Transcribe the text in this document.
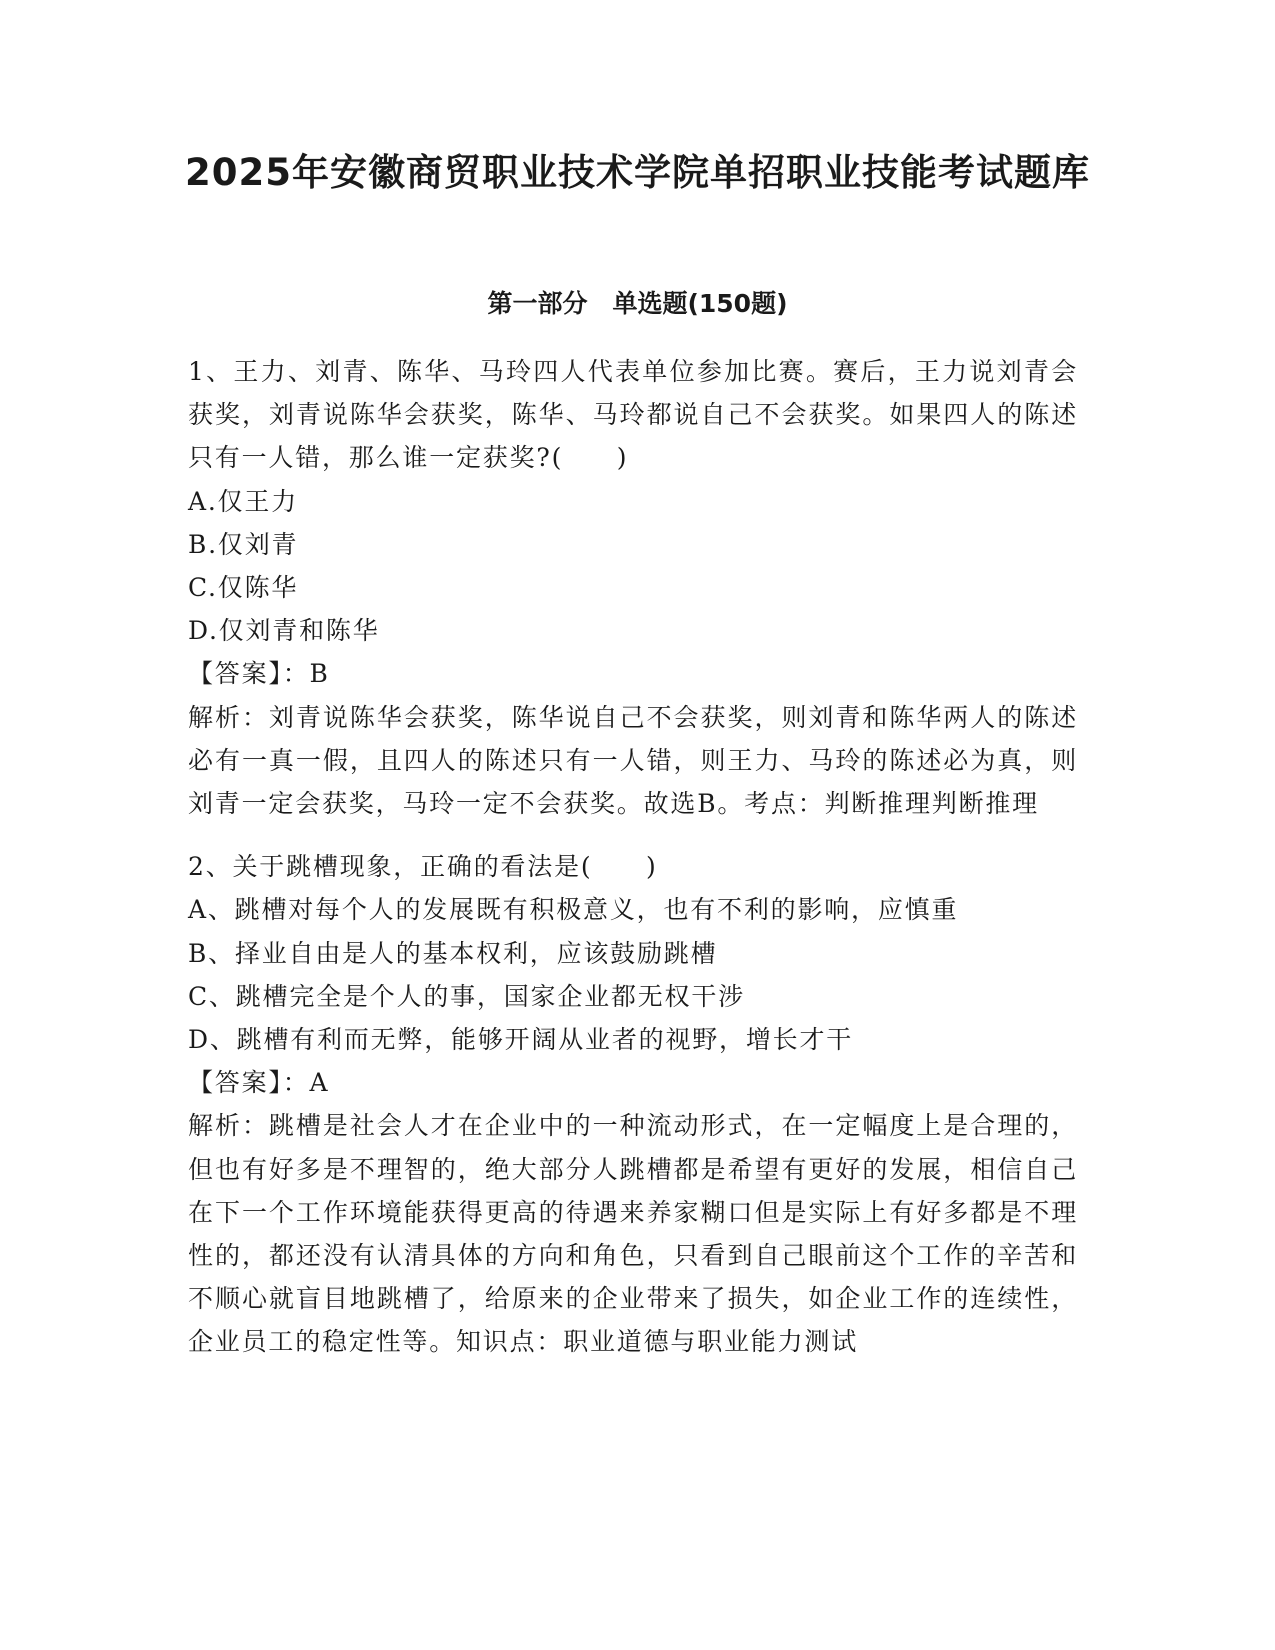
2025年安徽商贸职业技术学院单招职业技能考试题库
第一部分　单选题(150题)

1、王力、刘青、陈华、马玲四人代表单位参加比赛。赛后，王力说刘青会获奖，刘青说陈华会获奖，陈华、马玲都说自己不会获奖。如果四人的陈述只有一人错，那么谁一定获奖?(　　)

A.仅王力

B.仅刘青

C.仅陈华

D.仅刘青和陈华

【答案】：B

解析：刘青说陈华会获奖，陈华说自己不会获奖，则刘青和陈华两人的陈述必有一真一假，且四人的陈述只有一人错，则王力、马玲的陈述必为真，则刘青一定会获奖，马玲一定不会获奖。故选B。考点：判断推理判断推理

2、关于跳槽现象，正确的看法是(　　)

A、跳槽对每个人的发展既有积极意义，也有不利的影响，应慎重

B、择业自由是人的基本权利，应该鼓励跳槽

C、跳槽完全是个人的事，国家企业都无权干涉

D、跳槽有利而无弊，能够开阔从业者的视野，增长才干

【答案】：A

解析：跳槽是社会人才在企业中的一种流动形式，在一定幅度上是合理的，但也有好多是不理智的，绝大部分人跳槽都是希望有更好的发展，相信自己在下一个工作环境能获得更高的待遇来养家糊口但是实际上有好多都是不理性的，都还没有认清具体的方向和角色，只看到自己眼前这个工作的辛苦和不顺心就盲目地跳槽了，给原来的企业带来了损失，如企业工作的连续性，企业员工的稳定性等。知识点：职业道德与职业能力测试
